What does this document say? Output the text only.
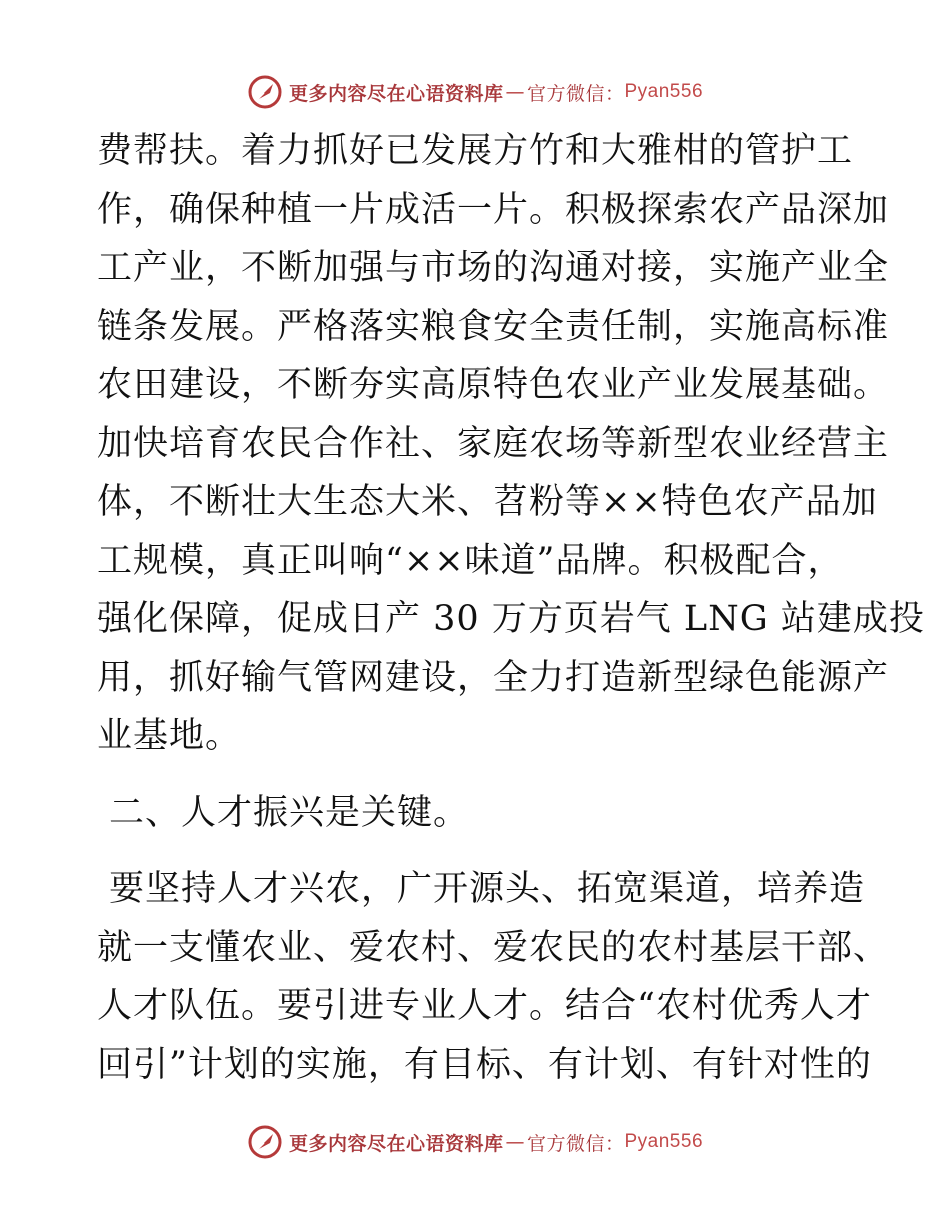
更多内容尽在心语资料库 — 官方微信： Pyan556
费帮扶。着力抓好已发展方竹和大雅柑的管护工
作，确保种植一片成活一片。积极探索农产品深加
工产业，不断加强与市场的沟通对接，实施产业全
链条发展。严格落实粮食安全责任制，实施高标准
农田建设，不断夯实高原特色农业产业发展基础。
加快培育农民合作社、家庭农场等新型农业经营主
体，不断壮大生态大米、苕粉等××特色农产品加
工规模，真正叫响“××味道”品牌。积极配合，
强化保障，促成日产 30 万方页岩气 LNG 站建成投
用，抓好输气管网建设，全力打造新型绿色能源产
业基地。
二、人才振兴是关键。
要坚持人才兴农，广开源头、拓宽渠道，培养造
就一支懂农业、爱农村、爱农民的农村基层干部、
人才队伍。要引进专业人才。结合“农村优秀人才
回引”计划的实施，有目标、有计划、有针对性的
更多内容尽在心语资料库 — 官方微信： Pyan556
